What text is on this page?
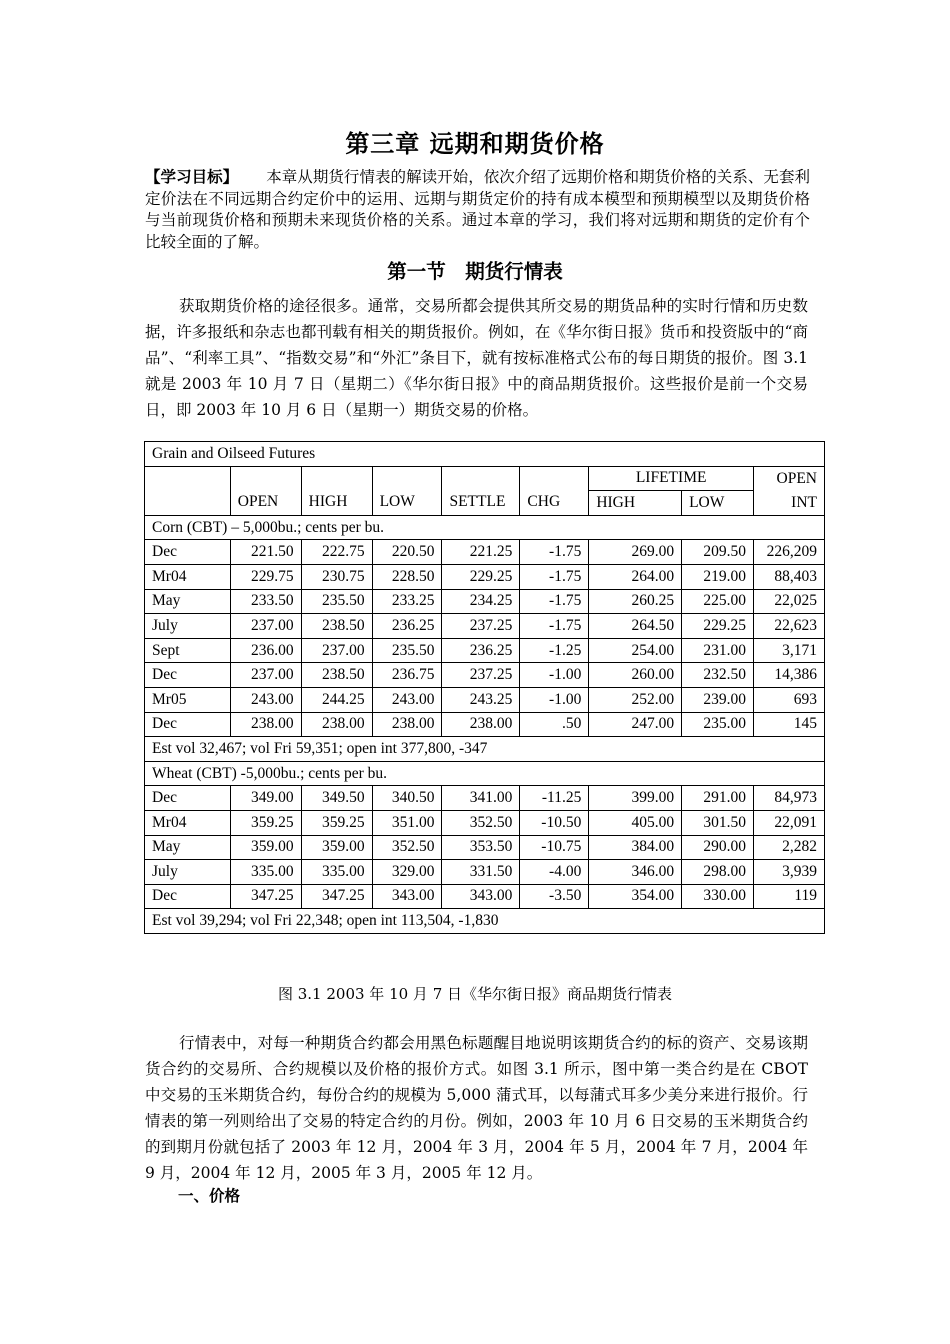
第三章 远期和期货价格
【学习目标】 本章从期货行情表的解读开始，依次介绍了远期价格和期货价格的关系、无套利定价法在不同远期合约定价中的运用、远期与期货定价的持有成本模型和预期模型以及期货价格与当前现货价格和预期未来现货价格的关系。通过本章的学习，我们将对远期和期货的定价有个比较全面的了解。
第一节　期货行情表
获取期货价格的途径很多。通常，交易所都会提供其所交易的期货品种的实时行情和历史数据，许多报纸和杂志也都刊载有相关的期货报价。例如，在《华尔街日报》货币和投资版中的“商品”、“利率工具”、“指数交易”和“外汇”条目下，就有按标准格式公布的每日期货的报价。图 3.1 就是 2003 年 10 月 7 日（星期二）《华尔街日报》中的商品期货报价。这些报价是前一个交易日，即 2003 年 10 月 6 日（星期一）期货交易的价格。
Grain and Oilseed Futures								
	OPEN	HIGH	LOW	SETTLE	CHG	LIFETIME		OPEN
						HIGH	LOW	INT
Corn (CBT) – 5,000bu.; cents per bu.								
Dec	221.50	222.75	220.50	221.25	-1.75	269.00	209.50	226,209
Mr04	229.75	230.75	228.50	229.25	-1.75	264.00	219.00	88,403
May	233.50	235.50	233.25	234.25	-1.75	260.25	225.00	22,025
July	237.00	238.50	236.25	237.25	-1.75	264.50	229.25	22,623
Sept	236.00	237.00	235.50	236.25	-1.25	254.00	231.00	3,171
Dec	237.00	238.50	236.75	237.25	-1.00	260.00	232.50	14,386
Mr05	243.00	244.25	243.00	243.25	-1.00	252.00	239.00	693
Dec	238.00	238.00	238.00	238.00	.50	247.00	235.00	145
Est vol 32,467; vol Fri 59,351; open int 377,800, -347								
Wheat (CBT) -5,000bu.; cents per bu.								
Dec	349.00	349.50	340.50	341.00	-11.25	399.00	291.00	84,973
Mr04	359.25	359.25	351.00	352.50	-10.50	405.00	301.50	22,091
May	359.00	359.00	352.50	353.50	-10.75	384.00	290.00	2,282
July	335.00	335.00	329.00	331.50	-4.00	346.00	298.00	3,939
Dec	347.25	347.25	343.00	343.00	-3.50	354.00	330.00	119
Est vol 39,294; vol Fri 22,348; open int 113,504, -1,830								
图 3.1 2003 年 10 月 7 日《华尔街日报》商品期货行情表
行情表中，对每一种期货合约都会用黑色标题醒目地说明该期货合约的标的资产、交易该期货合约的交易所、合约规模以及价格的报价方式。如图 3.1 所示，图中第一类合约是在 CBOT 中交易的玉米期货合约，每份合约的规模为 5,000 蒲式耳，以每蒲式耳多少美分来进行报价。行情表的第一列则给出了交易的特定合约的月份。例如，2003 年 10 月 6 日交易的玉米期货合约的到期月份就包括了 2003 年 12 月，2004 年 3 月，2004 年 5 月，2004 年 7 月，2004 年 9 月，2004 年 12 月，2005 年 3 月，2005 年 12 月。
一、价格
